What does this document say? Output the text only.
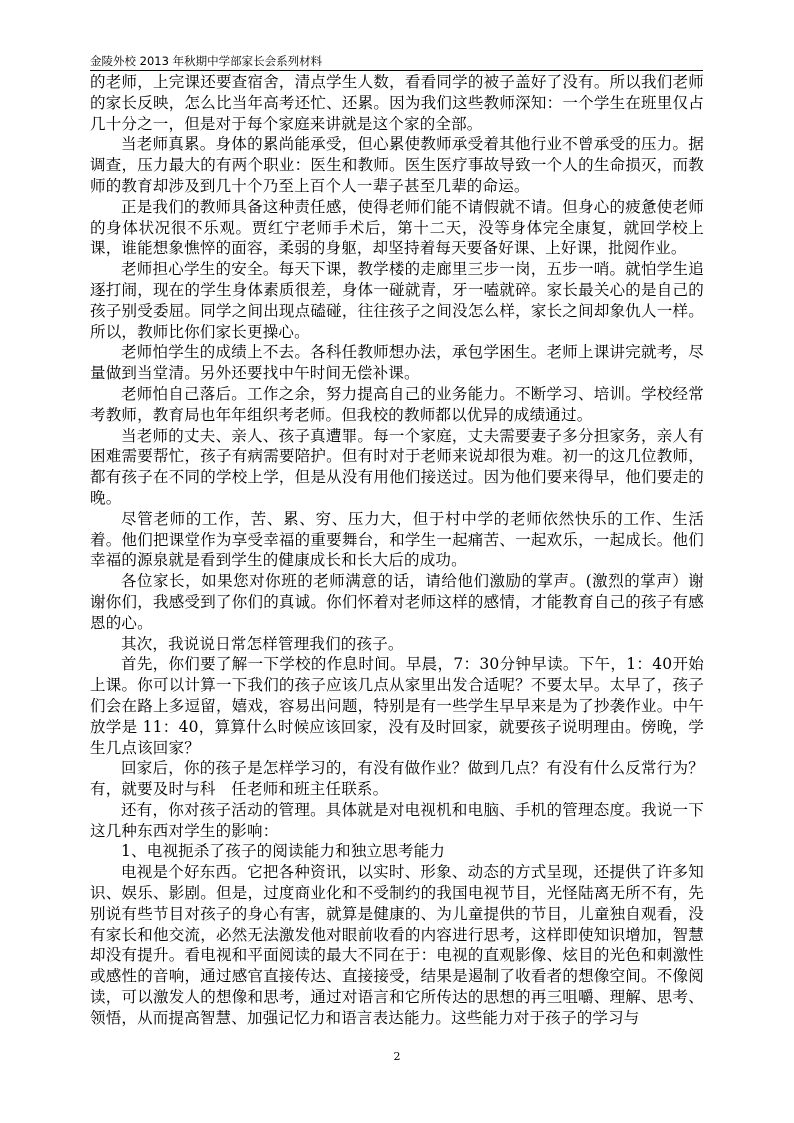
金陵外校 2013 年秋期中学部家长会系列材料

的老师，上完课还要查宿舍，清点学生人数，看看同学的被子盖好了没有。所以我们老师的家长反映，怎么比当年高考还忙、还累。因为我们这些教师深知：一个学生在班里仅占几十分之一，但是对于每个家庭来讲就是这个家的全部。

当老师真累。身体的累尚能承受，但心累使教师承受着其他行业不曾承受的压力。据调查，压力最大的有两个职业：医生和教师。医生医疗事故导致一个人的生命损灭，而教师的教育却涉及到几十个乃至上百个人一辈子甚至几辈的命运。

正是我们的教师具备这种责任感，使得老师们能不请假就不请。但身心的疲惫使老师的身体状况很不乐观。贾红宁老师手术后，第十二天，没等身体完全康复，就回学校上课，谁能想象憔悴的面容，柔弱的身躯，却坚持着每天要备好课、上好课，批阅作业。

老师担心学生的安全。每天下课，教学楼的走廊里三步一岗，五步一哨。就怕学生追逐打闹，现在的学生身体素质很差，身体一碰就青，牙一嗑就碎。家长最关心的是自己的孩子别受委屈。同学之间出现点磕碰，往往孩子之间没怎么样，家长之间却象仇人一样。所以，教师比你们家长更操心。

老师怕学生的成绩上不去。各科任教师想办法，承包学困生。老师上课讲完就考，尽量做到当堂清。另外还要找中午时间无偿补课。

老师怕自己落后。工作之余，努力提高自己的业务能力。不断学习、培训。学校经常考教师，教育局也年年组织考老师。但我校的教师都以优异的成绩通过。

当老师的丈夫、亲人、孩子真遭罪。每一个家庭，丈夫需要妻子多分担家务，亲人有困难需要帮忙，孩子有病需要陪护。但有时对于老师来说却很为难。初一的这几位教师，都有孩子在不同的学校上学，但是从没有用他们接送过。因为他们要来得早，他们要走的晚。

尽管老师的工作，苦、累、穷、压力大，但于村中学的老师依然快乐的工作、生活着。他们把课堂作为享受幸福的重要舞台，和学生一起痛苦、一起欢乐，一起成长。他们幸福的源泉就是看到学生的健康成长和长大后的成功。

各位家长，如果您对你班的老师满意的话，请给他们激励的掌声。(激烈的掌声）谢谢你们，我感受到了你们的真诚。你们怀着对老师这样的感情，才能教育自己的孩子有感恩的心。

其次，我说说日常怎样管理我们的孩子。

首先，你们要了解一下学校的作息时间。早晨，7：30分钟早读。下午，1：40开始上课。你可以计算一下我们的孩子应该几点从家里出发合适呢？不要太早。太早了，孩子们会在路上多逗留，嬉戏，容易出问题，特别是有一些学生早早来是为了抄袭作业。中午放学是 11：40，算算什么时候应该回家，没有及时回家，就要孩子说明理由。傍晚，学生几点该回家？

回家后，你的孩子是怎样学习的，有没有做作业？做到几点？有没有什么反常行为？有，就要及时与科　任老师和班主任联系。

还有，你对孩子活动的管理。具体就是对电视机和电脑、手机的管理态度。我说一下这几种东西对学生的影响：

1、电视扼杀了孩子的阅读能力和独立思考能力

电视是个好东西。它把各种资讯，以实时、形象、动态的方式呈现，还提供了许多知识、娱乐、影剧。但是，过度商业化和不受制约的我国电视节目，光怪陆离无所不有，先别说有些节目对孩子的身心有害，就算是健康的、为儿童提供的节目，儿童独自观看，没有家长和他交流，必然无法激发他对眼前收看的内容进行思考，这样即使知识增加，智慧却没有提升。看电视和平面阅读的最大不同在于：电视的直观影像、炫目的光色和刺激性或感性的音响，通过感官直接传达、直接接受，结果是遏制了收看者的想像空间。不像阅读，可以激发人的想像和思考，通过对语言和它所传达的思想的再三咀嚼、理解、思考、领悟，从而提高智慧、加强记忆力和语言表达能力。这些能力对于孩子的学习与

2
